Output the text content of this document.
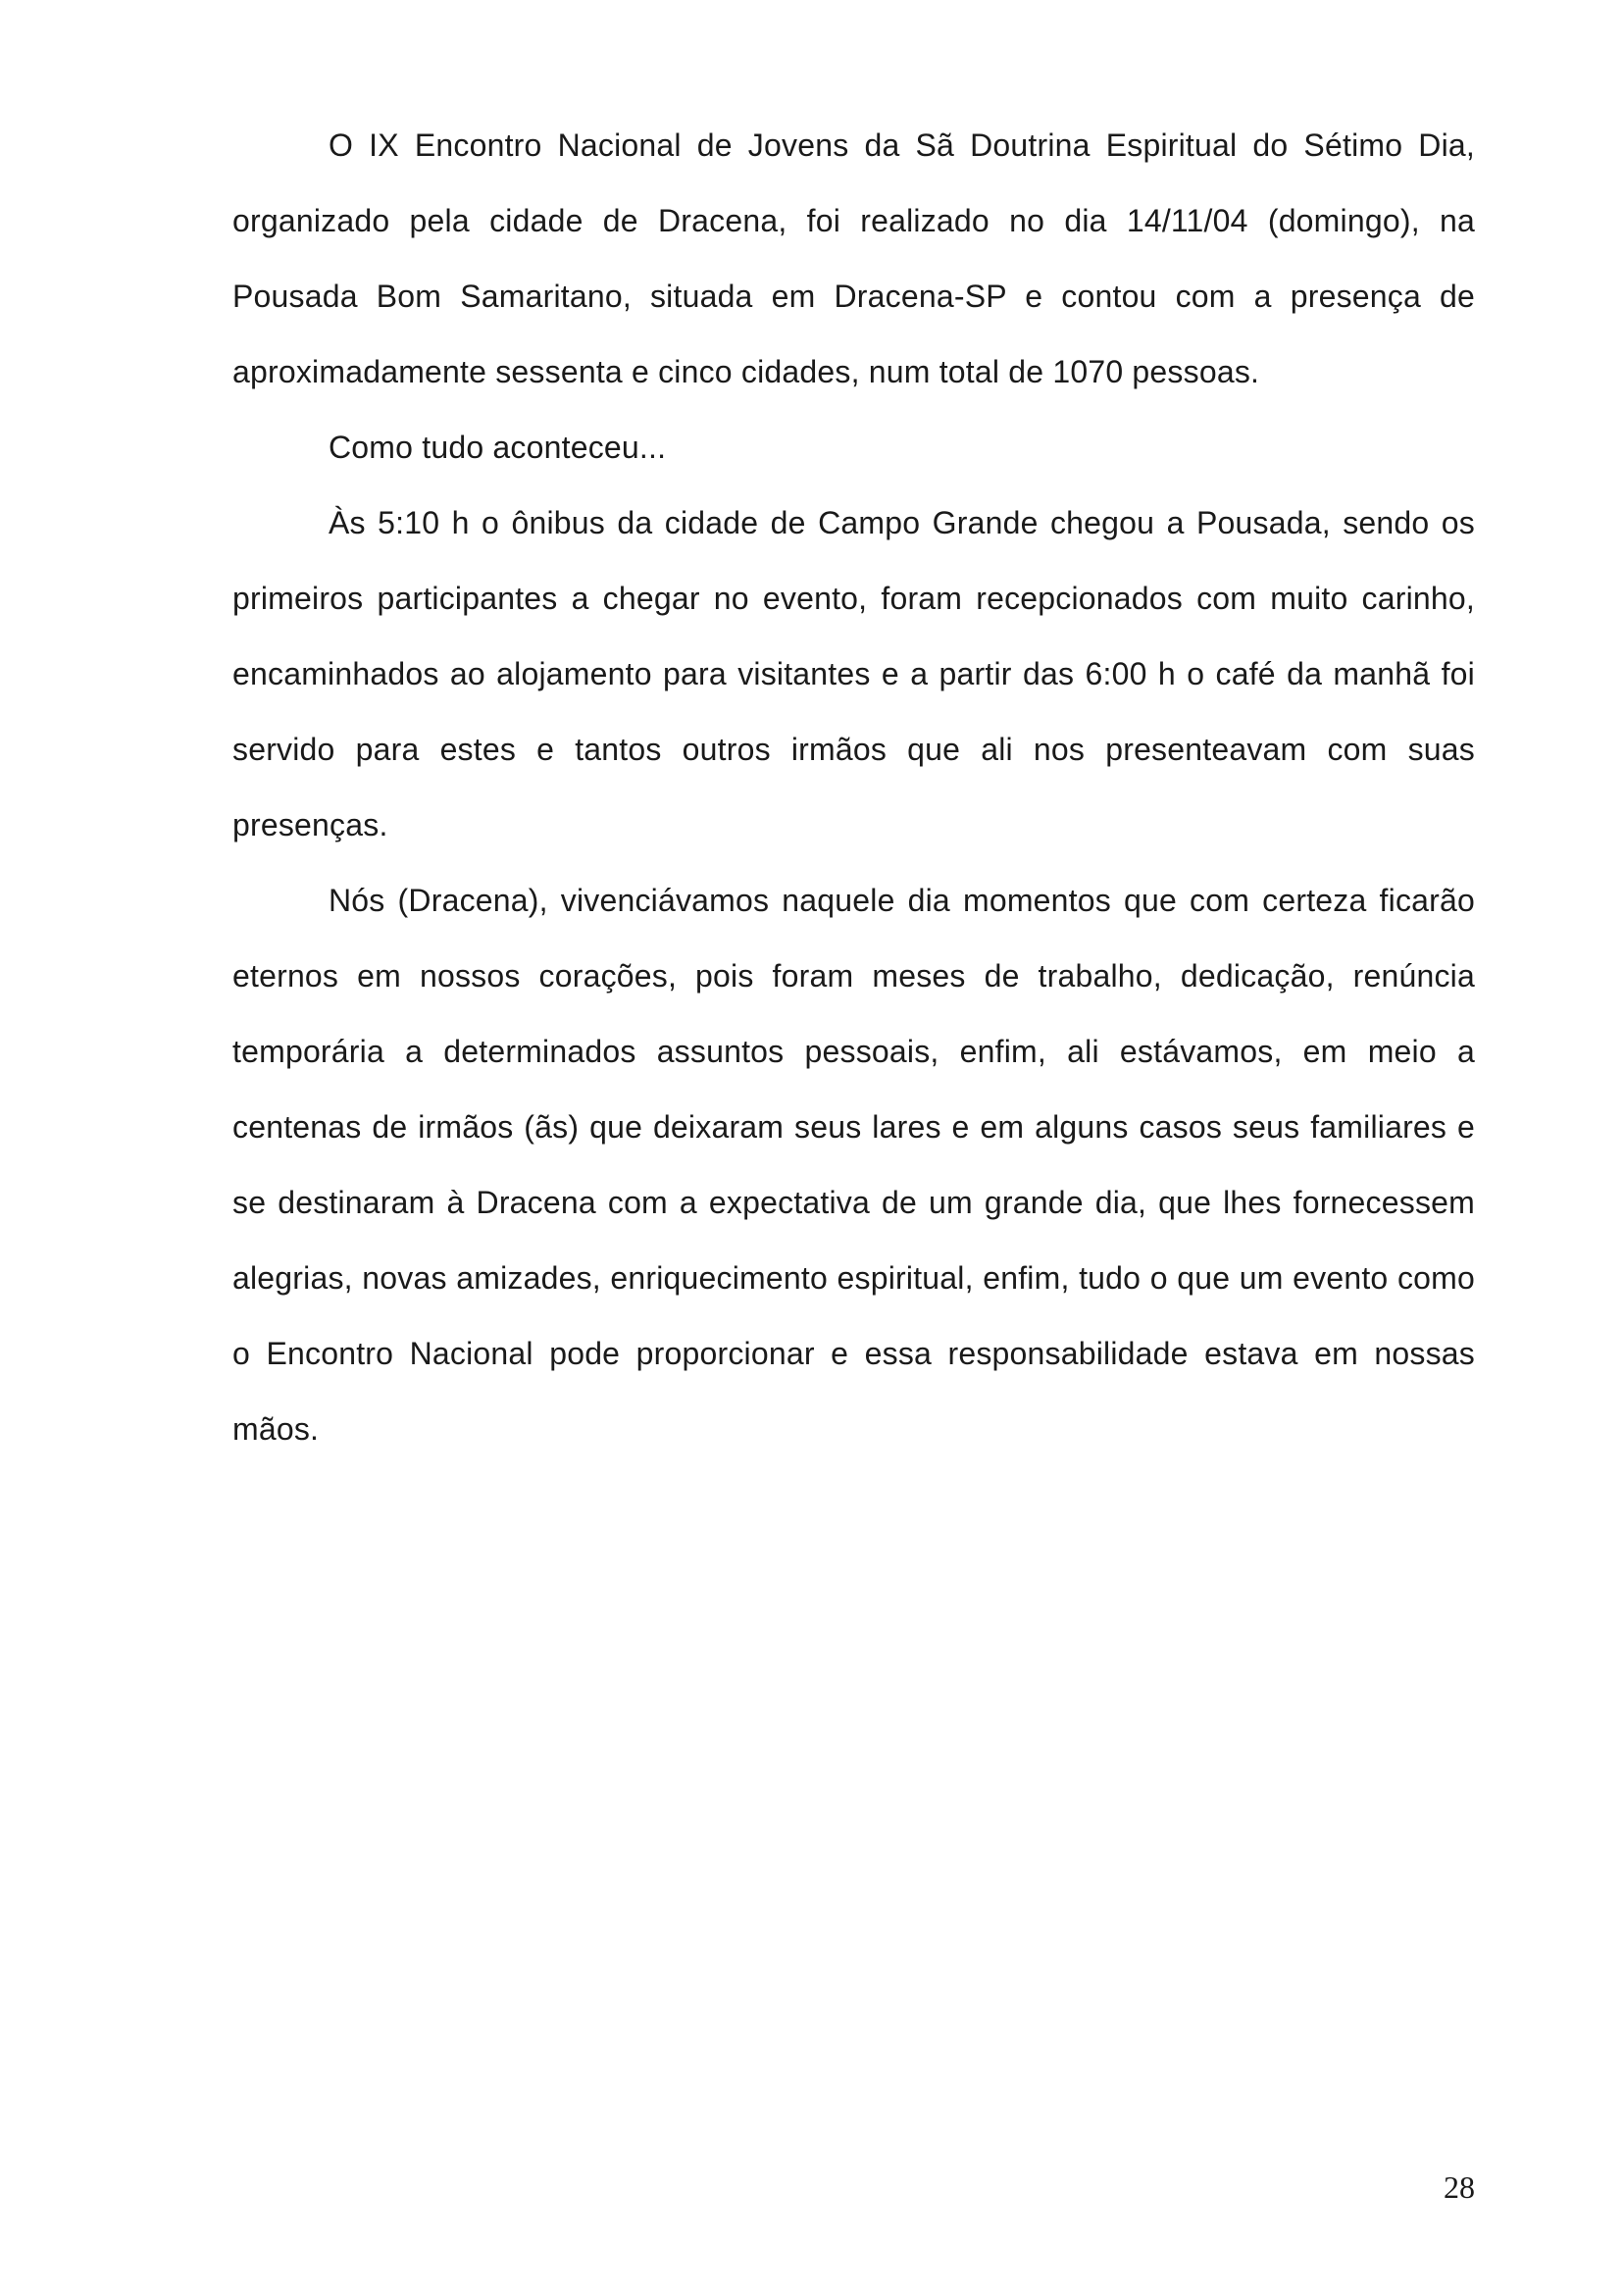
O IX Encontro Nacional de Jovens da Sã Doutrina Espiritual do Sétimo Dia, organizado pela cidade de Dracena, foi realizado no dia 14/11/04 (domingo), na Pousada Bom Samaritano, situada em Dracena-SP e contou com a presença de aproximadamente sessenta e cinco cidades, num total de 1070 pessoas.

Como tudo aconteceu...

Às 5:10 h o ônibus da cidade de Campo Grande chegou a Pousada, sendo os primeiros participantes a chegar no evento, foram recepcionados com muito carinho, encaminhados ao alojamento para visitantes e a partir das 6:00 h o café da manhã foi servido para estes e tantos outros irmãos que ali nos presenteavam com suas presenças.

Nós (Dracena), vivenciávamos naquele dia momentos que com certeza ficarão eternos em nossos corações, pois foram meses de trabalho, dedicação, renúncia temporária a determinados assuntos pessoais, enfim, ali estávamos, em meio a centenas de irmãos (ãs) que deixaram seus lares e em alguns casos seus familiares e se destinaram à Dracena com a expectativa de um grande dia, que lhes fornecessem alegrias, novas amizades, enriquecimento espiritual, enfim, tudo o que um evento como o Encontro Nacional pode proporcionar e essa responsabilidade estava em nossas mãos.

28
